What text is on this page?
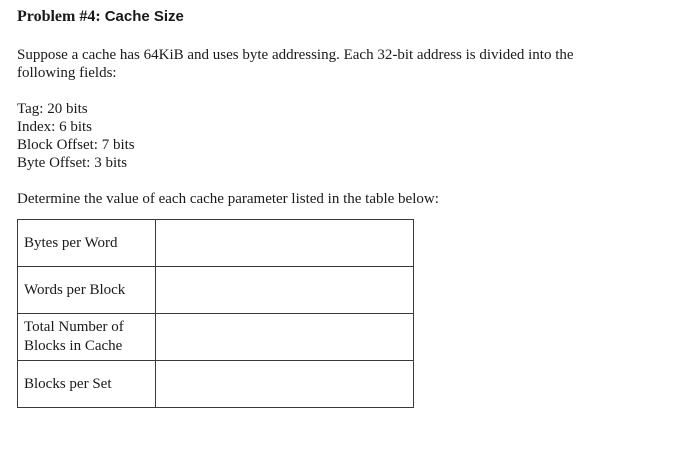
Problem #4: Cache Size

Suppose a cache has 64KiB and uses byte addressing. Each 32-bit address is divided into the following fields:

Tag: 20 bits
Index: 6 bits
Block Offset: 7 bits
Byte Offset: 3 bits

Determine the value of each cache parameter listed in the table below:

Bytes per Word	
Words per Block	
Total Number of
Blocks in Cache	
Blocks per Set	
